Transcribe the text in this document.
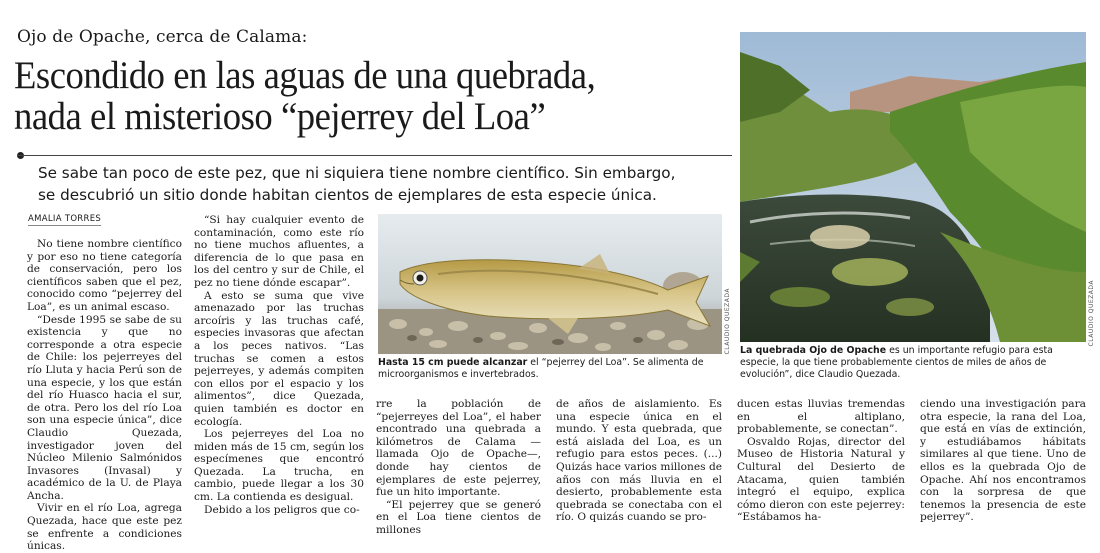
Ojo de Opache, cerca de Calama:
Escondido en las aguas de una quebrada,
nada el misterioso “pejerrey del Loa”

Se sabe tan poco de este pez, que ni siquiera tiene nombre científico. Sin embargo,
se descubrió un sitio donde habitan cientos de ejemplares de esta especie única.

AMALIA TORRES

No tiene nombre científico y por eso no tiene categoría de conservación, pero los científicos saben que el pez, conocido como “pejerrey del Loa”, es un animal escaso.

“Desde 1995 se sabe de su existencia y que no corresponde a otra especie de Chile: los pejerreyes del río Lluta y hacia Perú son de una especie, y los que están del río Huasco hacia el sur, de otra. Pero los del río Loa son una especie única”, dice Claudio Quezada, investigador joven del Núcleo Milenio Salmónidos Invasores (Invasal) y académico de la U. de Playa Ancha.

Vivir en el río Loa, agrega Quezada, hace que este pez se enfrente a condiciones únicas.

“Si hay cualquier evento de contaminación, como este río no tiene muchos afluentes, a diferencia de lo que pasa en los del centro y sur de Chile, el pez no tiene dónde escapar”.

A esto se suma que vive amenazado por las truchas arcoíris y las truchas café, especies invasoras que afectan a los peces nativos. “Las truchas se comen a estos pejerreyes, y además compiten con ellos por el espacio y los alimentos”, dice Quezada, quien también es doctor en ecología.

Los pejerreyes del Loa no miden más de 15 cm, según los especímenes que encontró Quezada. La trucha, en cambio, puede llegar a los 30 cm. La contienda es desigual.

Debido a los peligros que co-

CLAUDIO QUEZADA
Hasta 15 cm puede alcanzar el “pejerrey del Loa”. Se alimenta de microorganismos e invertebrados.
CLAUDIO QUEZADA
La quebrada Ojo de Opache es un importante refugio para esta especie, la que tiene probablemente cientos de miles de años de evolución”, dice Claudio Quezada.

rre la población de “pejerreyes del Loa”, el haber encontrado una quebrada a kilómetros de Calama —llamada Ojo de Opache—, donde hay cientos de ejemplares de este pejerrey, fue un hito importante.

“El pejerrey que se generó en el Loa tiene cientos de millones

de años de aislamiento. Es una especie única en el mundo. Y esta quebrada, que está aislada del Loa, es un refugio para estos peces. (...) Quizás hace varios millones de años con más lluvia en el desierto, probablemente esta quebrada se conectaba con el río. O quizás cuando se pro-

ducen estas lluvias tremendas en el altiplano, probablemente, se conectan”.

Osvaldo Rojas, director del Museo de Historia Natural y Cultural del Desierto de Atacama, quien también integró el equipo, explica cómo dieron con este pejerrey: “Estábamos ha-

ciendo una investigación para otra especie, la rana del Loa, que está en vías de extinción, y estudiábamos hábitats similares al que tiene. Uno de ellos es la quebrada Ojo de Opache. Ahí nos encontramos con la sorpresa de que tenemos la presencia de este pejerrey”.
